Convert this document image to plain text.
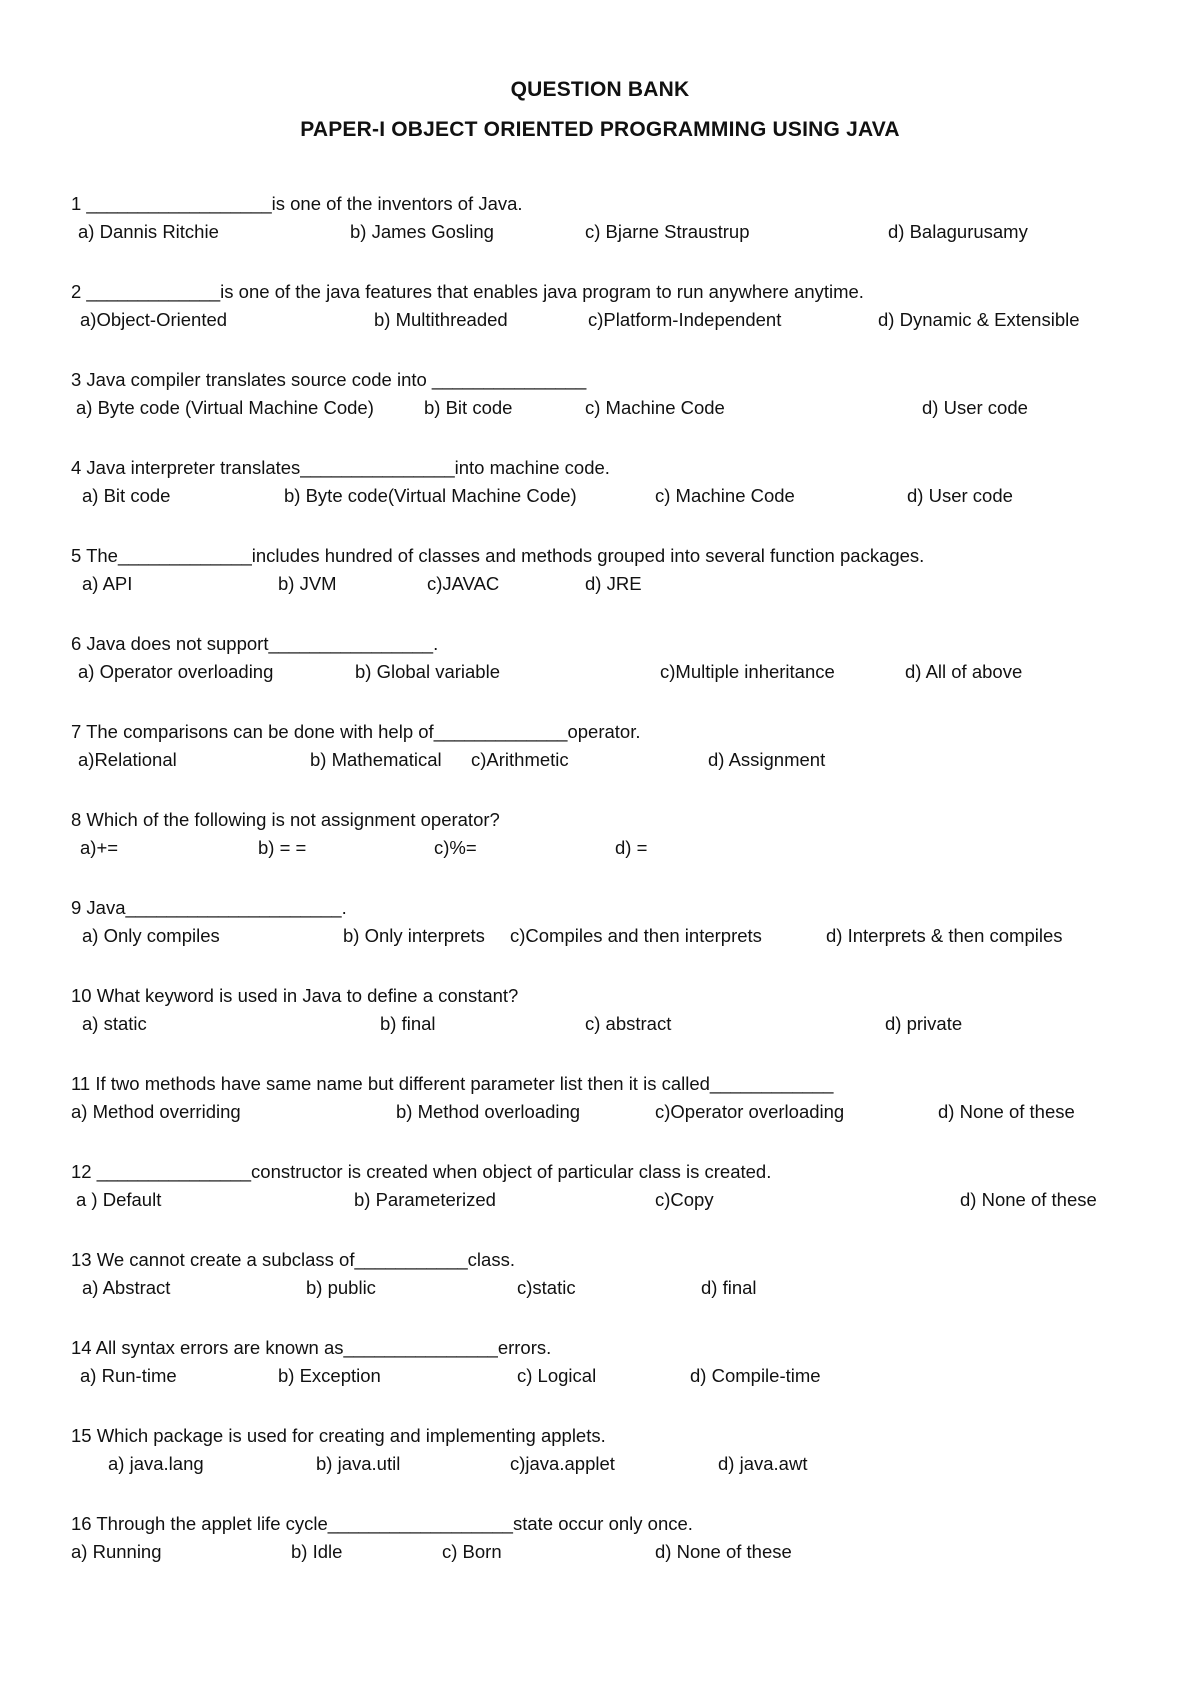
QUESTION BANK
PAPER-I OBJECT ORIENTED PROGRAMMING USING JAVA
1 __________________is one of the inventors of Java.
a) Dannis Ritchie	b) James Gosling	c) Bjarne Straustrup	d) Balagurusamy
2 _____________is one of the java features that enables java program to run anywhere anytime.
a)Object-Oriented	b) Multithreaded	c)Platform-Independent	d) Dynamic & Extensible
3 Java compiler translates source code into _______________
a) Byte code (Virtual Machine Code)	b) Bit code	c) Machine Code	d) User code
4 Java interpreter translates_______________into machine code.
a) Bit code	b) Byte code(Virtual Machine Code)	c) Machine Code	d) User code
5 The_____________includes hundred of classes and methods grouped into several function packages.
a) API	b) JVM	c)JAVAC	d) JRE
6 Java does not support________________.
a) Operator overloading	b) Global variable	c)Multiple inheritance	d) All of above
7 The comparisons can be done with help of_____________operator.
a)Relational	b) Mathematical c)Arithmetic	d) Assignment
8 Which of the following is not assignment operator?
a)+=	b) = =	c)%=	d) =
9 Java_____________________.
a) Only compiles	b) Only interprets c)Compiles and then interprets	d) Interprets & then compiles
10 What keyword is used in Java to define a constant?
a) static	b) final	c) abstract	d) private
11 If two methods have same name but different parameter list then it is called____________
a) Method overriding	b) Method overloading	c)Operator overloading	d) None of these
12 _______________constructor is created when object of particular class is created.
a ) Default	b) Parameterized	c)Copy	d) None of these
13 We cannot create a subclass of___________class.
a) Abstract	b) public	c)static	d) final
14 All syntax errors are known as_______________errors.
a) Run-time	b) Exception	c) Logical	d) Compile-time
15 Which package is used for creating and implementing applets.
a) java.lang	b) java.util	c)java.applet	d) java.awt
16 Through the applet life cycle__________________state occur only once.
a) Running	b) Idle	c) Born	d) None of these
